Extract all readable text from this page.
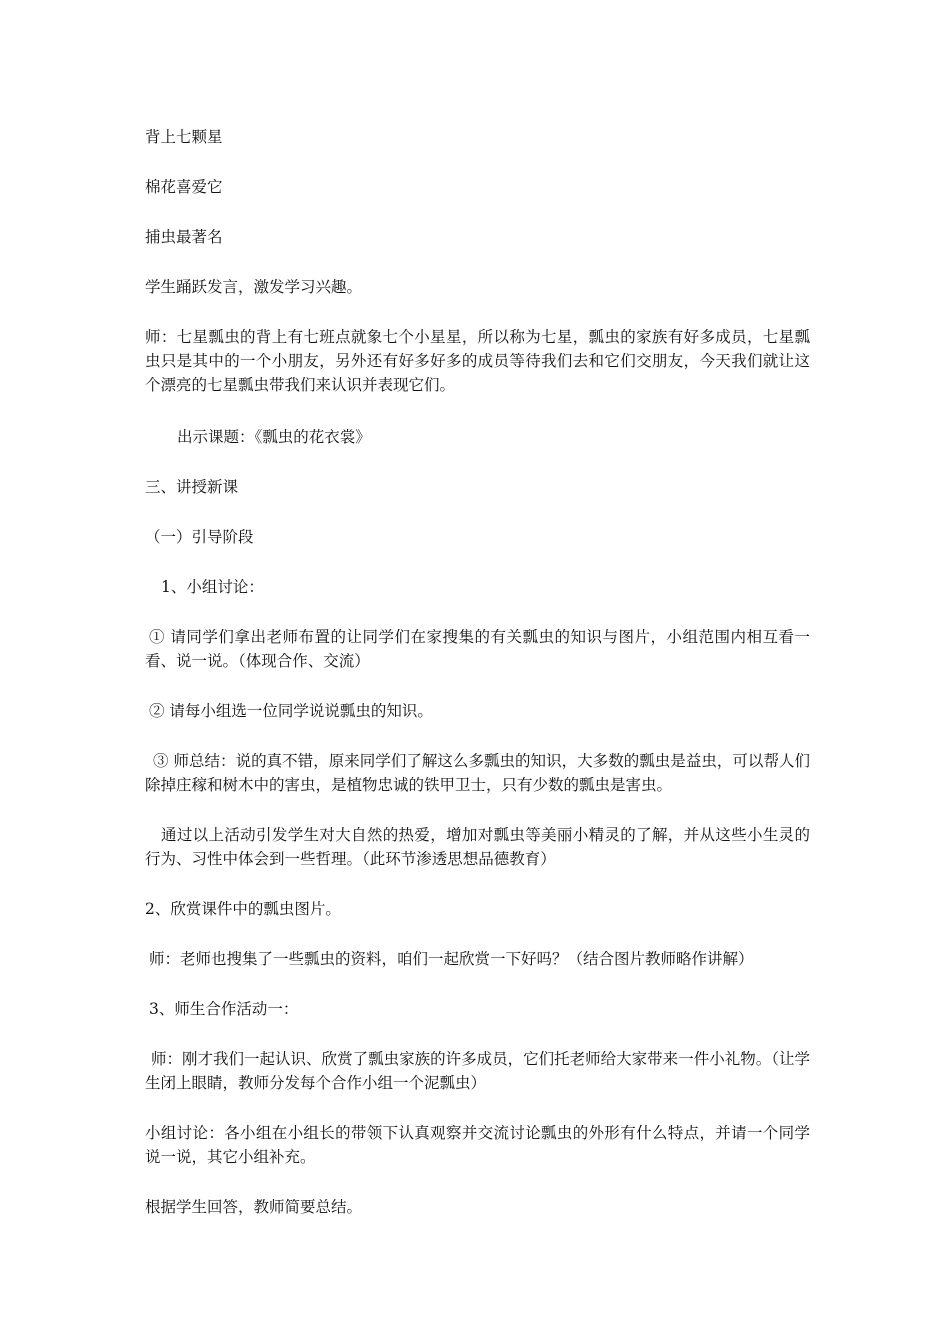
背上七颗星

棉花喜爱它

捕虫最著名

学生踊跃发言，激发学习兴趣。

师：七星瓢虫的背上有七班点就象七个小星星，所以称为七星，瓢虫的家族有好多成员，七星瓢虫只是其中的一个小朋友，另外还有好多好多的成员等待我们去和它们交朋友，今天我们就让这个漂亮的七星瓢虫带我们来认识并表现它们。

出示课题：《瓢虫的花衣裳》

三、讲授新课

（一）引导阶段

1、小组讨论：

① 请同学们拿出老师布置的让同学们在家搜集的有关瓢虫的知识与图片，小组范围内相互看一看、说一说。（体现合作、交流）

② 请每小组选一位同学说说瓢虫的知识。

③ 师总结：说的真不错，原来同学们了解这么多瓢虫的知识，大多数的瓢虫是益虫，可以帮人们除掉庄稼和树木中的害虫，是植物忠诚的铁甲卫士，只有少数的瓢虫是害虫。

通过以上活动引发学生对大自然的热爱，增加对瓢虫等美丽小精灵的了解，并从这些小生灵的行为、习性中体会到一些哲理。（此环节渗透思想品德教育）

2、欣赏课件中的瓢虫图片。

师：老师也搜集了一些瓢虫的资料，咱们一起欣赏一下好吗？（结合图片教师略作讲解）

3、师生合作活动一：

师：刚才我们一起认识、欣赏了瓢虫家族的许多成员，它们托老师给大家带来一件小礼物。（让学生闭上眼睛，教师分发每个合作小组一个泥瓢虫）

小组讨论：各小组在小组长的带领下认真观察并交流讨论瓢虫的外形有什么特点，并请一个同学说一说，其它小组补充。

根据学生回答，教师简要总结。
